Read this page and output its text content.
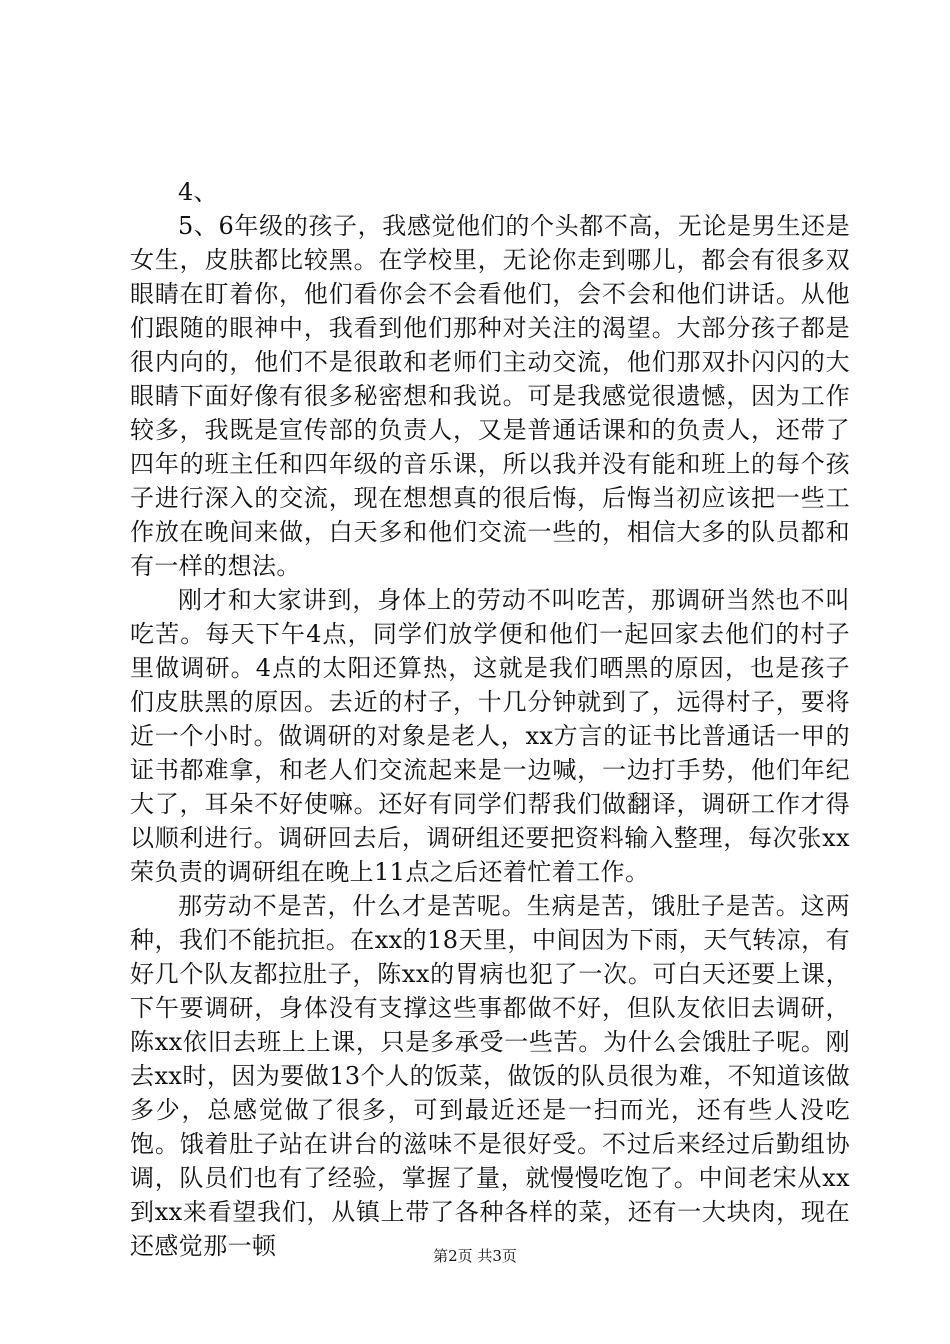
4、

5、6年级的孩子，我感觉他们的个头都不高，无论是男生还是女生，皮肤都比较黑。在学校里，无论你走到哪儿，都会有很多双眼睛在盯着你，他们看你会不会看他们，会不会和他们讲话。从他们跟随的眼神中，我看到他们那种对关注的渴望。大部分孩子都是很内向的，他们不是很敢和老师们主动交流，他们那双扑闪闪的大眼睛下面好像有很多秘密想和我说。可是我感觉很遗憾，因为工作较多，我既是宣传部的负责人，又是普通话课和的负责人，还带了四年的班主任和四年级的音乐课，所以我并没有能和班上的每个孩子进行深入的交流，现在想想真的很后悔，后悔当初应该把一些工作放在晚间来做，白天多和他们交流一些的，相信大多的队员都和有一样的想法。

刚才和大家讲到，身体上的劳动不叫吃苦，那调研当然也不叫吃苦。每天下午4点，同学们放学便和他们一起回家去他们的村子里做调研。4点的太阳还算热，这就是我们晒黑的原因，也是孩子们皮肤黑的原因。去近的村子，十几分钟就到了，远得村子，要将近一个小时。做调研的对象是老人，xx方言的证书比普通话一甲的证书都难拿，和老人们交流起来是一边喊，一边打手势，他们年纪大了，耳朵不好使嘛。还好有同学们帮我们做翻译，调研工作才得以顺利进行。调研回去后，调研组还要把资料输入整理，每次张xx荣负责的调研组在晚上11点之后还着忙着工作。

那劳动不是苦，什么才是苦呢。生病是苦，饿肚子是苦。这两种，我们不能抗拒。在xx的18天里，中间因为下雨，天气转凉，有好几个队友都拉肚子，陈xx的胃病也犯了一次。可白天还要上课，下午要调研，身体没有支撑这些事都做不好，但队友依旧去调研，陈xx依旧去班上上课，只是多承受一些苦。为什么会饿肚子呢。刚去xx时，因为要做13个人的饭菜，做饭的队员很为难，不知道该做多少，总感觉做了很多，可到最近还是一扫而光，还有些人没吃饱。饿着肚子站在讲台的滋味不是很好受。不过后来经过后勤组协调，队员们也有了经验，掌握了量，就慢慢吃饱了。中间老宋从xx到xx来看望我们，从镇上带了各种各样的菜，还有一大块肉，现在还感觉那一顿	第2页 共3页
